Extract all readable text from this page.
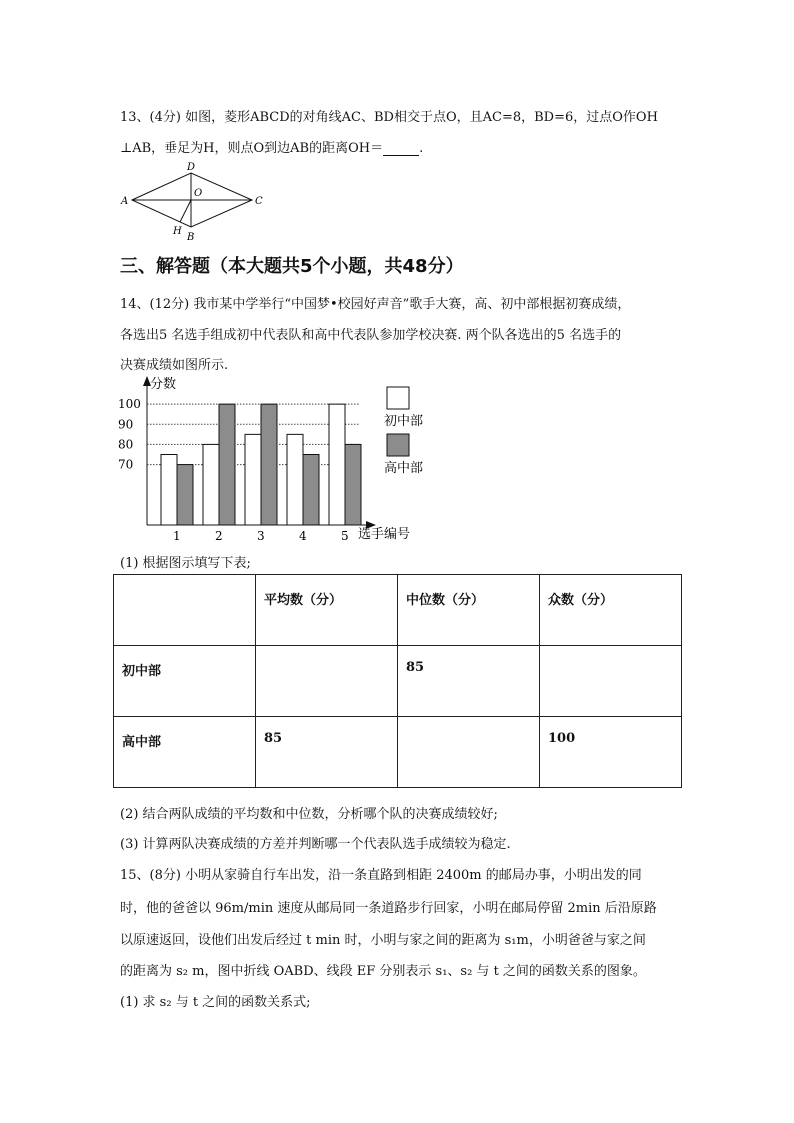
13、(4分) 如图，菱形ABCD的对角线AC、BD相交于点O，且AC=8，BD=6，过点O作OH
⊥AB，垂足为H，则点O到边AB的距离OH＝	.
A	C
D
O
H
B
三、解答题（本大题共5个小题，共48分）
14、(12分) 我市某中学举行“中国梦•校园好声音”歌手大赛，高、初中部根据初赛成绩，
各选出5 名选手组成初中代表队和高中代表队参加学校决赛. 两个队各选出的5 名选手的
决赛成绩如图所示.
分数
选手编号
70
80
90
100
1	2	3	4	5
初中部
高中部
(1) 根据图示填写下表;
	平均数（分）	中位数（分）	众数（分）
初中部		85	
高中部	85		100
(2) 结合两队成绩的平均数和中位数，分析哪个队的决赛成绩较好;
(3) 计算两队决赛成绩的方差并判断哪一个代表队选手成绩较为稳定.
15、(8分) 小明从家骑自行车出发，沿一条直路到相距 2400m 的邮局办事，小明出发的同
时，他的爸爸以 96m/min 速度从邮局同一条道路步行回家，小明在邮局停留 2min 后沿原路
以原速返回，设他们出发后经过 t min 时，小明与家之间的距离为 s₁m，小明爸爸与家之间
的距离为 s₂ m，图中折线 OABD、线段 EF 分别表示 s₁、s₂ 与 t 之间的函数关系的图象。
(1) 求 s₂ 与 t 之间的函数关系式;
